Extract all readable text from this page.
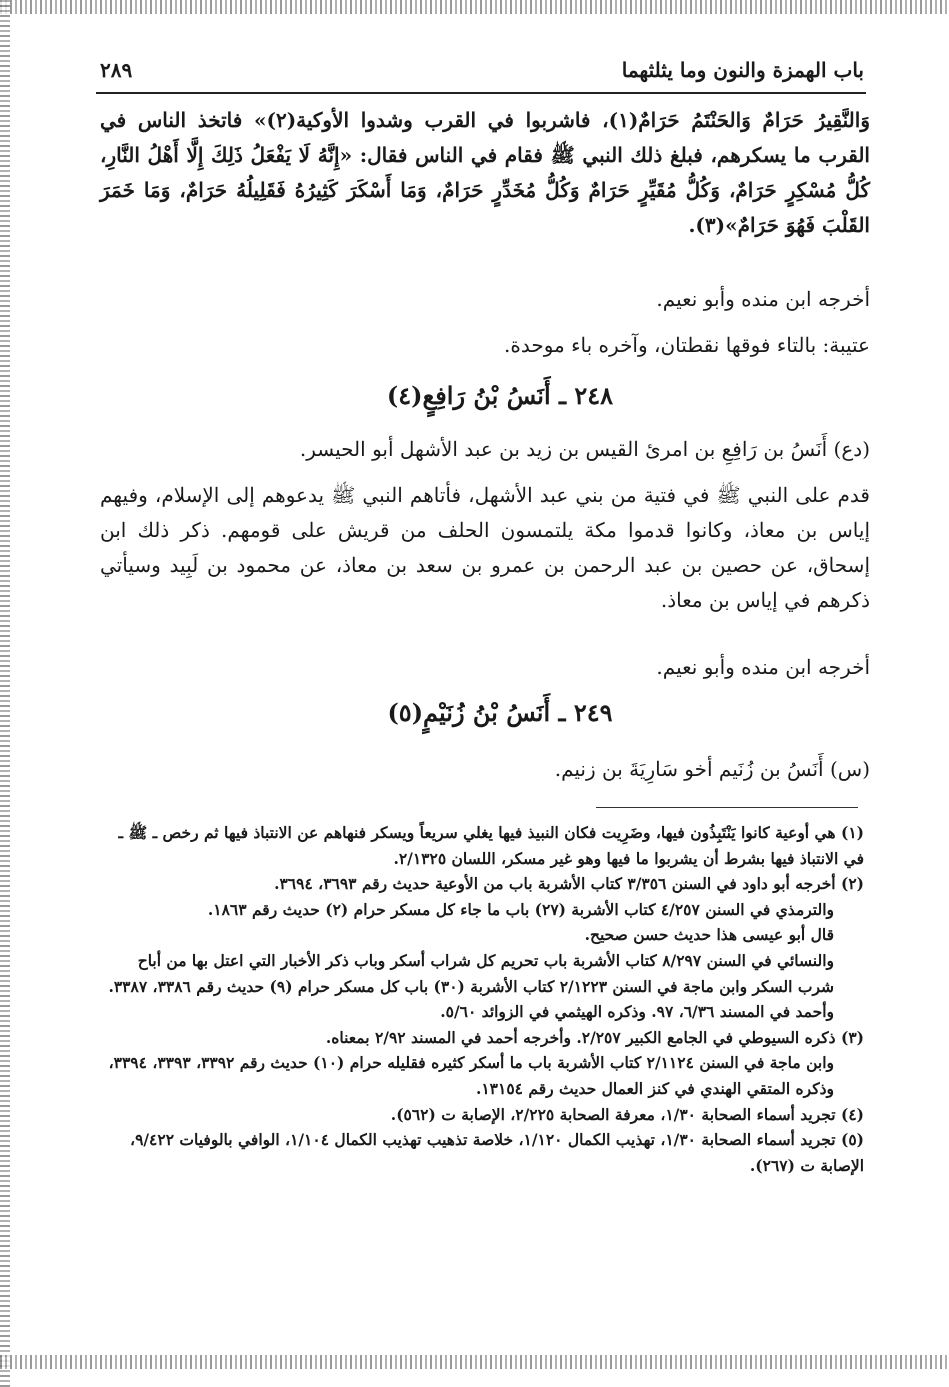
باب الهمزة والنون وما يثلثهما
٢٨٩
وَالنَّقِيرُ حَرَامٌ وَالحَنْتَمُ حَرَامٌ(١)، فاشربوا في القرب وشدوا الأوكية(٢)» فاتخذ الناس في القرب ما يسكرهم، فبلغ ذلك النبي ﷺ فقام في الناس فقال: «إِنَّهُ لَا يَفْعَلُ ذَلِكَ إِلَّا أَهْلُ النَّارِ، كُلُّ مُسْكِرٍ حَرَامٌ، وَكُلُّ مُقَيِّرٍ حَرَامٌ وَكُلُّ مُخَدِّرٍ حَرَامٌ، وَمَا أَسْكَرَ كَثِيرُهُ فَقَلِيلُهُ حَرَامٌ، وَمَا خَمَرَ القَلْبَ فَهُوَ حَرَامٌ»(٣).
أخرجه ابن منده وأبو نعيم.
عتيبة: بالتاء فوقها نقطتان، وآخره باء موحدة.
٢٤٨ ـ أَنَسُ بْنُ رَافِعٍ(٤)
(دع) أَنَسُ بن رَافِعِ بن امرئ القيس بن زيد بن عبد الأشهل أبو الحيسر.
قدم على النبي ﷺ في فتية من بني عبد الأشهل، فأتاهم النبي ﷺ يدعوهم إلى الإسلام، وفيهم إياس بن معاذ، وكانوا قدموا مكة يلتمسون الحلف من قريش على قومهم. ذكر ذلك ابن إسحاق، عن حصين بن عبد الرحمن بن عمرو بن سعد بن معاذ، عن محمود بن لَبِيد وسيأتي ذكرهم في إياس بن معاذ.
أخرجه ابن منده وأبو نعيم.
٢٤٩ ـ أَنَسُ بْنُ زُنَيْمٍ(٥)
(س) أَنَسُ بن زُنَيم أخو سَارِيَةَ بن زنيم.

(١) هي أوعية كانوا يَنْتَبِذُون فيها، وضَرِيت فكان النبيذ فيها يغلي سريعاً ويسكر فنهاهم عن الانتباذ فيها ثم رخص ـ ﷺ ـ في الانتباذ فيها بشرط أن يشربوا ما فيها وهو غير مسكر، اللسان ٢/١٣٢٥.

(٢) أخرجه أبو داود في السنن ٣/٣٥٦ كتاب الأشربة باب من الأوعية حديث رقم ٣٦٩٣، ٣٦٩٤.

والترمذي في السنن ٤/٢٥٧ كتاب الأشربة (٢٧) باب ما جاء كل مسكر حرام (٢) حديث رقم ١٨٦٣.

قال أبو عيسى هذا حديث حسن صحيح.

والنسائي في السنن ٨/٢٩٧ كتاب الأشربة باب تحريم كل شراب أسكر وباب ذكر الأخبار التي اعتل بها من أباح شرب السكر وابن ماجة في السنن ٢/١٢٢٣ كتاب الأشربة (٣٠) باب كل مسكر حرام (٩) حديث رقم ٣٣٨٦، ٣٣٨٧. وأحمد في المسند ٦/٣٦، ٩٧. وذكره الهيثمي في الزوائد ٥/٦٠.

(٣) ذكره السيوطي في الجامع الكبير ٢/٢٥٧. وأخرجه أحمد في المسند ٢/٩٢ بمعناه.

وابن ماجة في السنن ٢/١١٢٤ كتاب الأشربة باب ما أسكر كثيره فقليله حرام (١٠) حديث رقم ٣٣٩٢، ٣٣٩٣، ٣٣٩٤، وذكره المتقي الهندي في كنز العمال حديث رقم ١٣١٥٤.

(٤) تجريد أسماء الصحابة ١/٣٠، معرفة الصحابة ٢/٢٢٥، الإصابة ت (٥٦٢).

(٥) تجريد أسماء الصحابة ١/٣٠، تهذيب الكمال ١/١٢٠، خلاصة تذهيب تهذيب الكمال ١/١٠٤، الوافي بالوفيات ٩/٤٢٢، الإصابة ت (٢٦٧).
